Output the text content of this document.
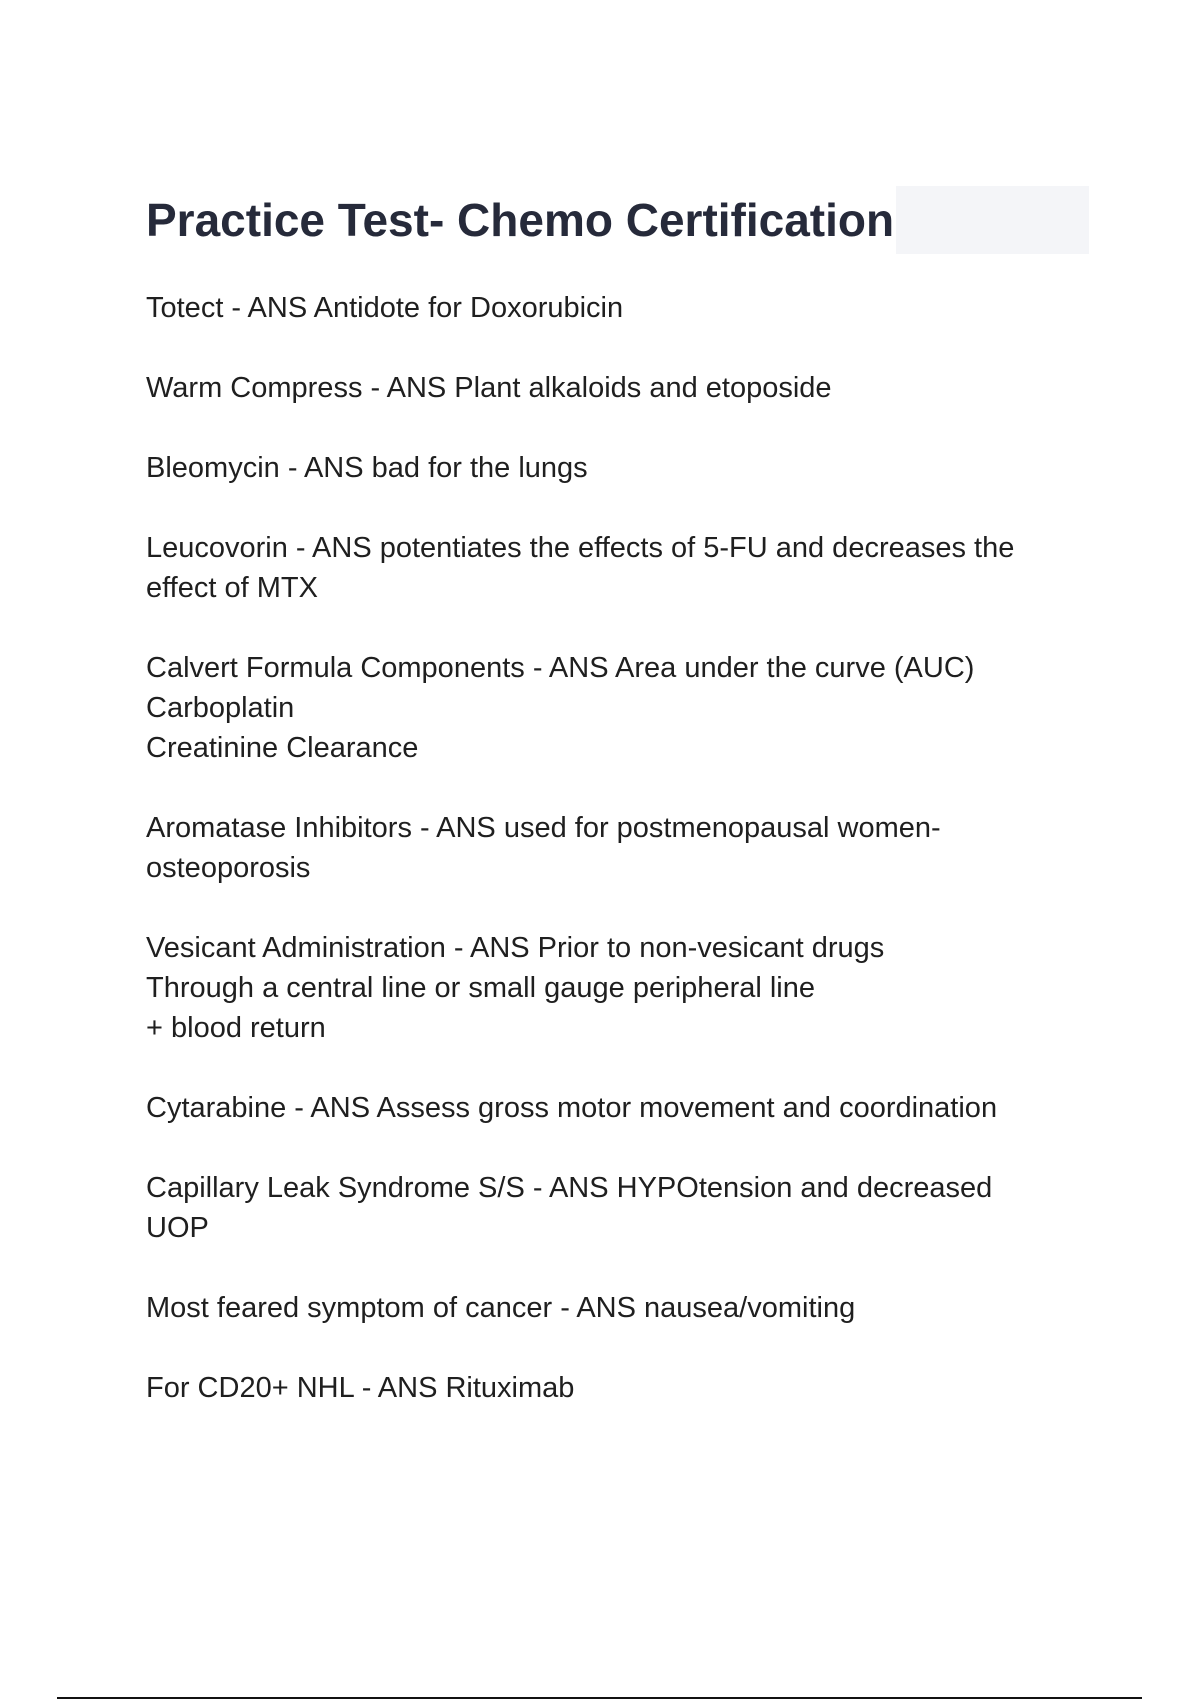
Practice Test- Chemo Certification

Totect - ANS Antidote for Doxorubicin

Warm Compress - ANS Plant alkaloids and etoposide

Bleomycin - ANS bad for the lungs

Leucovorin - ANS potentiates the effects of 5-FU and decreases the
effect of MTX

Calvert Formula Components - ANS Area under the curve (AUC)
Carboplatin
Creatinine Clearance

Aromatase Inhibitors - ANS used for postmenopausal women-
osteoporosis

Vesicant Administration - ANS Prior to non-vesicant drugs
Through a central line or small gauge peripheral line
+ blood return

Cytarabine - ANS Assess gross motor movement and coordination

Capillary Leak Syndrome S/S - ANS HYPOtension and decreased
UOP

Most feared symptom of cancer - ANS nausea/vomiting

For CD20+ NHL - ANS Rituximab
